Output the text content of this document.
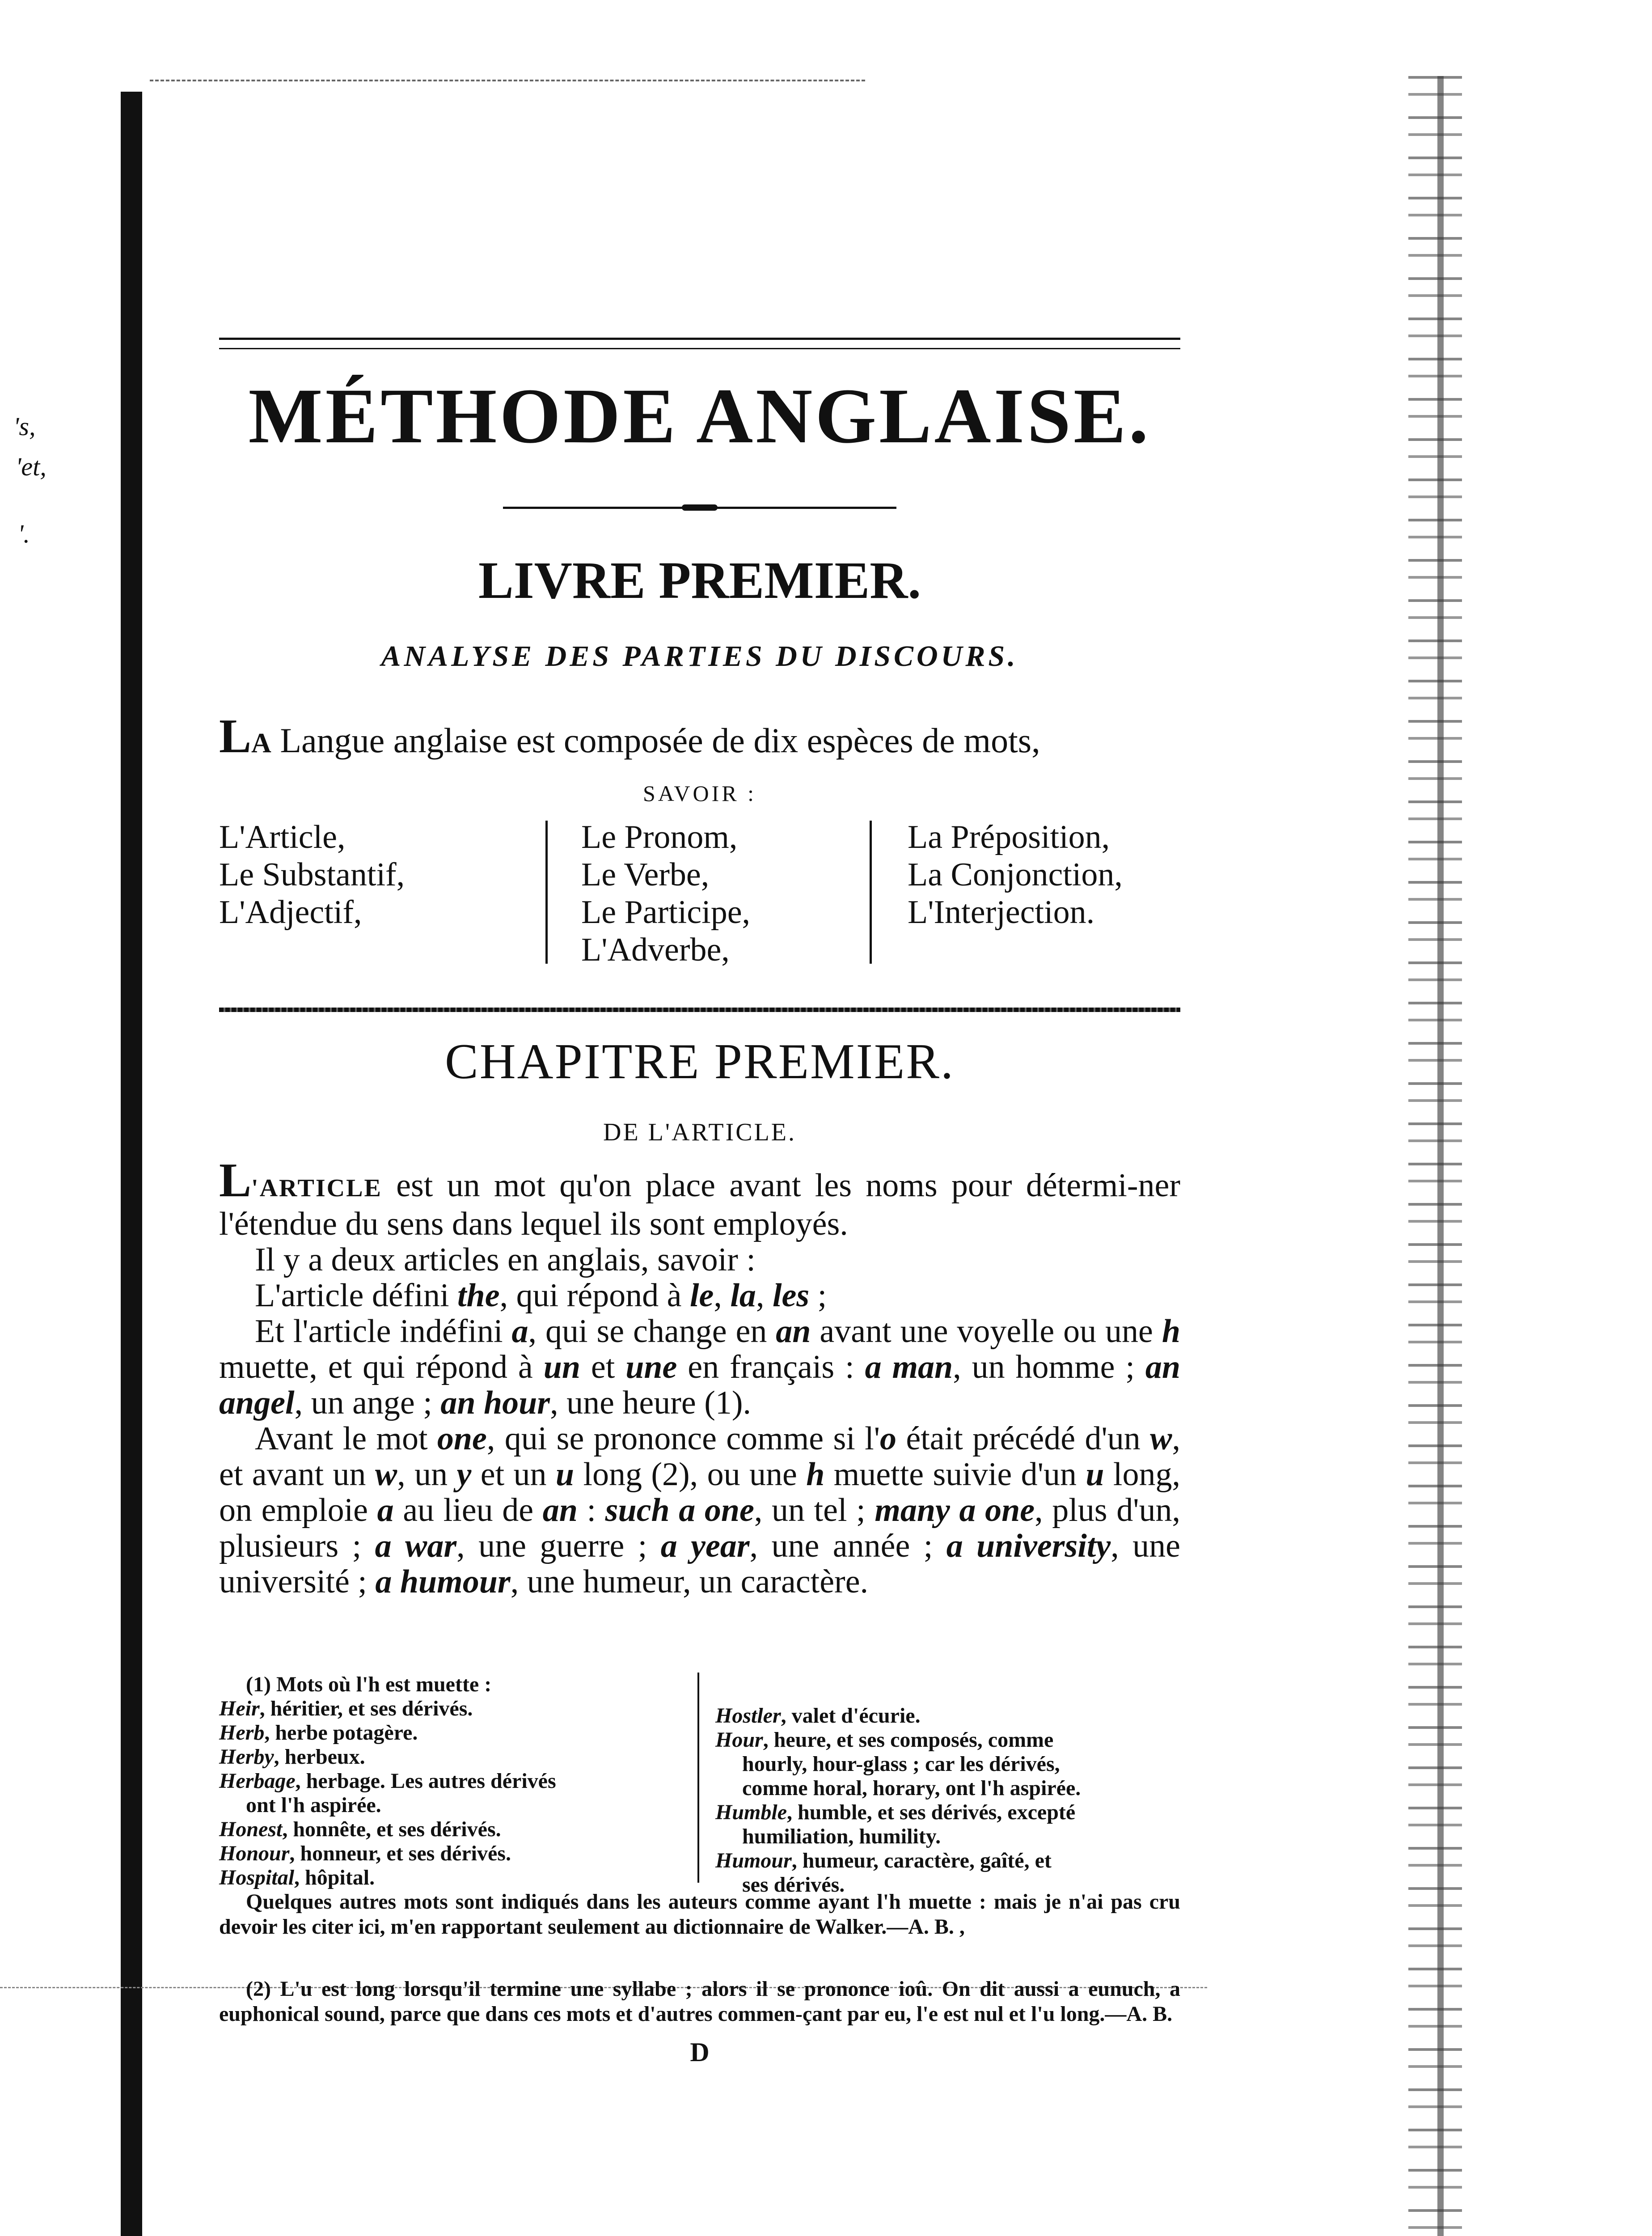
's,
'et,
'.
MÉTHODE ANGLAISE.
LIVRE PREMIER.
ANALYSE DES PARTIES DU DISCOURS.
LA Langue anglaise est composée de dix espèces de mots,
SAVOIR :
L'Article,
Le Substantif,
L'Adjectif,
Le Pronom,
Le Verbe,
Le Participe,
L'Adverbe,
La Préposition,
La Conjonction,
L'Interjection.
CHAPITRE PREMIER.
DE L'ARTICLE.

L'ARTICLE est un mot qu'on place avant les noms pour détermi-ner l'étendue du sens dans lequel ils sont employés.

Il y a deux articles en anglais, savoir :

L'article défini the, qui répond à le, la, les ;

Et l'article indéfini a, qui se change en an avant une voyelle ou une h muette, et qui répond à un et une en français : a man, un homme ; an angel, un ange ; an hour, une heure (1).

Avant le mot one, qui se prononce comme si l'o était précédé d'un w, et avant un w, un y et un u long (2), ou une h muette suivie d'un u long, on emploie a au lieu de an : such a one, un tel ; many a one, plus d'un, plusieurs ; a war, une guerre ; a year, une année ; a university, une université ; a humour, une humeur, un caractère.

(1) Mots où l'h est muette :
Heir, héritier, et ses dérivés.
Herb, herbe potagère.
Herby, herbeux.
Herbage, herbage. Les autres dérivés
ont l'h aspirée.
Honest, honnête, et ses dérivés.
Honour, honneur, et ses dérivés.
Hospital, hôpital.
Hostler, valet d'écurie.
Hour, heure, et ses composés, comme
hourly, hour-glass ; car les dérivés,
comme horal, horary, ont l'h aspirée.
Humble, humble, et ses dérivés, excepté
humiliation, humility.
Humour, humeur, caractère, gaîté, et
ses dérivés.

Quelques autres mots sont indiqués dans les auteurs comme ayant l'h muette : mais je n'ai pas cru devoir les citer ici, m'en rapportant seulement au dictionnaire de Walker.—A. B. ,

(2) L'u est long lorsqu'il termine une syllabe ; alors il se prononce ioû. On dit aussi a eunuch, a euphonical sound, parce que dans ces mots et d'autres commen-çant par eu, l'e est nul et l'u long.—A. B.

D
